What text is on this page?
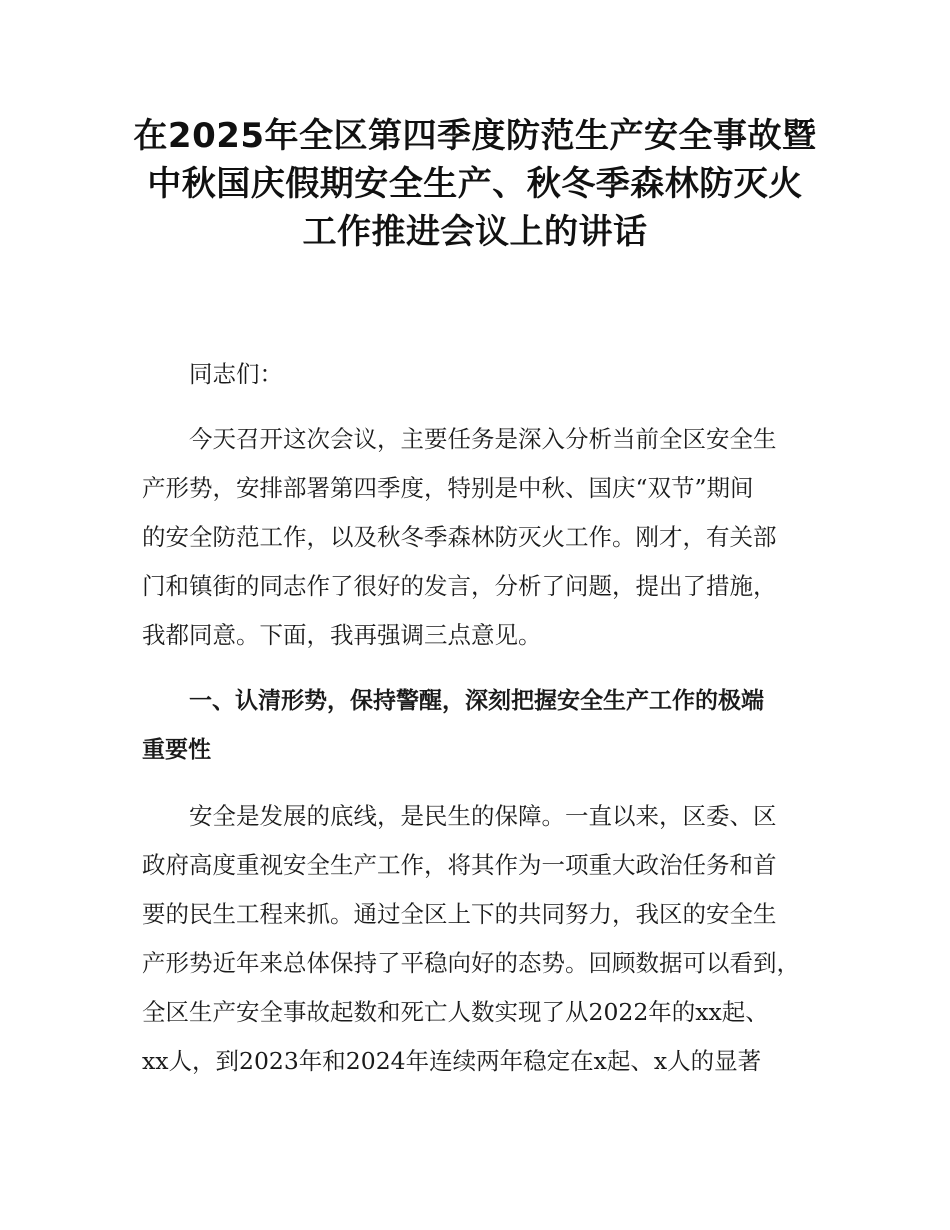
在2025年全区第四季度防范生产安全事故暨
中秋国庆假期安全生产、秋冬季森林防灭火
工作推进会议上的讲话

同志们：

今天召开这次会议，主要任务是深入分析当前全区安全生
产形势，安排部署第四季度，特别是中秋、国庆“双节”期间
的安全防范工作，以及秋冬季森林防灭火工作。刚才，有关部
门和镇街的同志作了很好的发言，分析了问题，提出了措施，
我都同意。下面，我再强调三点意见。

一、认清形势，保持警醒，深刻把握安全生产工作的极端
重要性

安全是发展的底线，是民生的保障。一直以来，区委、区
政府高度重视安全生产工作，将其作为一项重大政治任务和首
要的民生工程来抓。通过全区上下的共同努力，我区的安全生
产形势近年来总体保持了平稳向好的态势。回顾数据可以看到，
全区生产安全事故起数和死亡人数实现了从2022年的xx起、
xx人，到2023年和2024年连续两年稳定在x起、x人的显著
